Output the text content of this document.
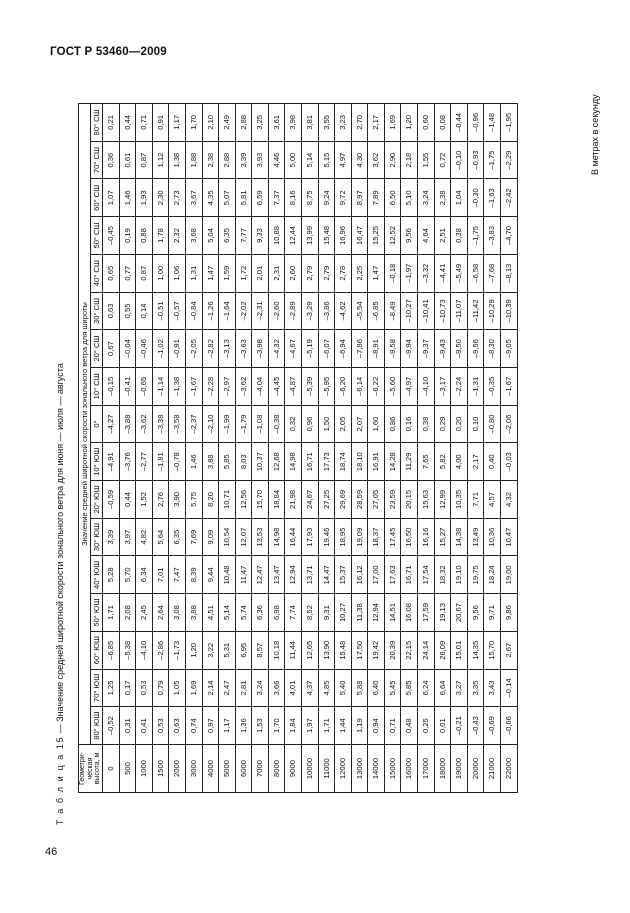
ГОСТ Р 53460—2009
Т а б л и ц а 15 — Значение средней широтной скорости зонального ветра для июня — июля — августа
В метрах в секунду
Геометри-ческая высота, м	Значение средней широтной скорости зонального ветра для широты																
	80° ЮШ	70° ЮШ	60° ЮШ	50° ЮШ	40° ЮШ	30° ЮШ	20° ЮШ	10° ЮШ	0°	10° СШ	20° СШ	30° СШ	40° СШ	50° СШ	60° СШ	70° СШ	80° СШ
0	–0,52	1,25	–6,85	1,71	5,28	3,39	–0,59	–4,91	–4,27	–0,15	0,67	0,63	0,65	–0,45	1,07	0,36	0,21
500	0,31	0,17	–5,38	2,08	5,70	3,97	0,44	–3,76	–3,88	–0,41	–0,04	0,55	0,77	0,19	1,46	0,61	0,44
1000	0,41	0,53	–4,10	2,45	6,34	4,82	1,52	–2,77	–3,62	–0,65	–0,46	0,14	0,87	0,88	1,93	0,87	0,71
1500	0,53	0,79	–2,86	2,64	7,01	5,64	2,76	–1,81	–3,38	–1,14	–1,02	–0,51	1,00	1,78	2,30	1,12	0,91
2000	0,63	1,05	–1,73	3,08	7,47	6,35	3,90	–0,78	–3,58	–1,38	–0,91	–0,57	1,06	2,32	2,73	1,38	1,17
3000	0,74	1,69	1,20	3,88	8,39	7,69	5,75	1,46	–2,37	–1,67	–2,05	–0,84	1,31	3,68	3,67	1,88	1,70
4000	0,97	2,14	3,22	4,51	9,44	9,09	8,20	3,88	–2,10	–2,28	–2,82	–1,26	1,47	5,04	4,35	2,38	2,10
5000	1,17	2,47	5,31	5,14	10,48	10,54	10,71	5,85	–1,99	–2,97	–3,13	–1,64	1,59	6,35	5,07	2,88	2,49
6000	1,36	2,81	6,95	5,74	11,47	12,07	12,56	8,03	–1,79	–3,62	–3,63	–2,02	1,72	7,77	5,81	3,39	2,88
7000	1,53	3,24	8,57	6,36	12,47	13,53	15,70	10,37	–1,08	–4,04	–3,98	–2,31	2,01	9,33	6,59	3,93	3,25
8000	1,70	3,66	10,18	6,98	13,47	14,98	18,84	12,68	–0,38	–4,45	–4,32	–2,60	2,31	10,88	7,37	4,46	3,61
9000	1,84	4,01	11,44	7,74	12,94	16,44	21,98	14,98	0,32	–4,87	–4,67	–2,89	2,60	12,44	8,16	5,00	3,98
10000	1,97	4,37	12,65	8,52	13,71	17,93	24,67	16,71	0,96	–5,39	–5,19	–3,29	2,79	13,99	8,75	5,14	3,81
11000	1,71	4,85	13,90	9,31	14,47	19,46	27,25	17,73	1,50	–5,95	–6,07	–3,86	2,79	15,48	9,24	5,15	3,55
12000	1,44	5,40	15,48	10,27	15,37	18,95	29,69	18,74	2,05	–6,20	–6,94	–4,62	2,78	16,96	9,72	4,97	3,23
13000	1,19	5,88	17,50	11,38	16,12	19,09	28,59	18,10	2,07	–6,14	–7,86	–5,54	2,25	16,47	8,97	4,30	2,70
14000	0,94	6,40	19,42	12,94	17,00	18,37	27,05	16,91	1,60	–6,22	–8,91	–6,85	1,47	15,25	7,89	3,62	2,17
15000	0,71	5,45	20,39	14,51	17,63	17,45	23,59	14,28	0,86	–5,60	–9,58	–8,49	–0,18	12,52	6,50	2,90	1,69
16000	0,48	5,85	22,15	16,08	16,71	16,50	20,15	11,29	0,16	–4,97	–9,94	–10,27	–1,97	9,56	5,10	2,18	1,20
17000	0,25	6,24	24,14	17,59	17,54	16,16	15,63	7,65	0,38	–4,10	–9,37	–10,41	–3,32	4,64	3,24	1,55	0,60
18000	0,01	6,64	26,09	19,13	18,32	15,27	12,99	5,82	0,29	–3,17	–9,43	–10,73	–4,41	2,51	2,38	0,72	0,08
19000	–0,21	3,27	15,01	20,67	19,10	14,38	10,35	4,00	0,20	–2,24	–9,50	–11,07	–5,49	0,38	1,04	–0,10	–0,44
20000	–0,43	3,35	14,35	9,56	19,75	13,49	7,71	2,17	0,10	–1,31	–9,56	–11,42	–6,58	–1,75	–0,30	–0,93	–0,96
21000	–0,69	3,43	15,70	9,71	18,24	10,36	4,57	0,40	–0,80	–0,35	–8,30	–10,29	–7,68	–3,83	–1,63	–1,75	–1,48
22000	–0,66	–0,14	2,67	9,86	19,00	10,47	4,32	–0,03	–2,06	–1,67	–9,05	–10,39	–8,13	–4,70	–2,42	–2,29	–1,95
46
